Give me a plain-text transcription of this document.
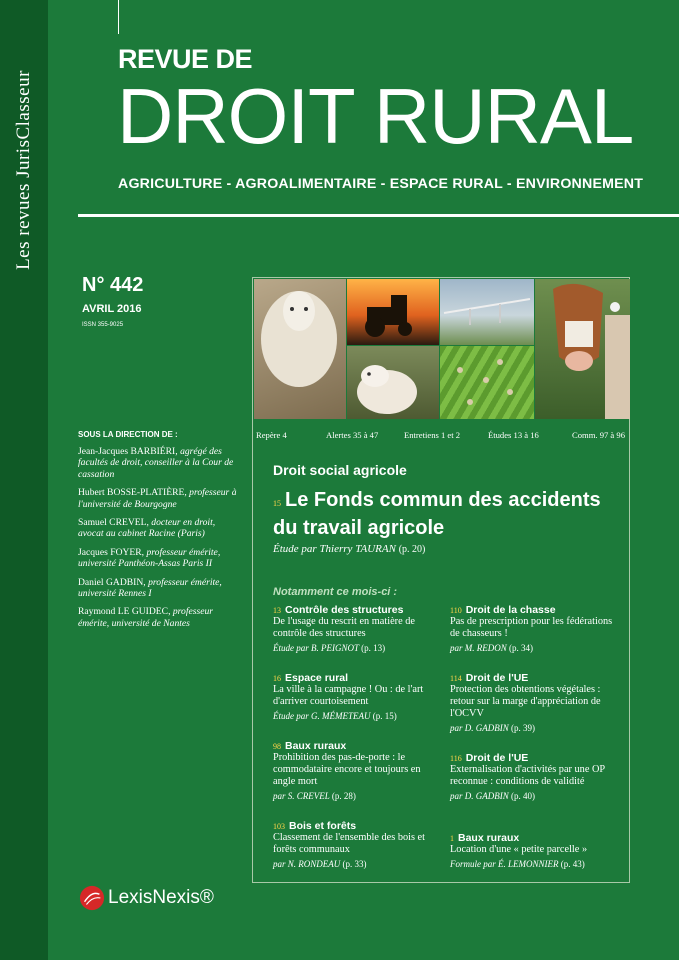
Les revues JurisClasseur
REVUE DE
DROIT RURAL
AGRICULTURE - AGROALIMENTAIRE - ESPACE RURAL - ENVIRONNEMENT
N° 442
AVRIL 2016
ISSN 355-9025
SOUS LA DIRECTION DE :
Jean-Jacques BARBIÉRI, agrégé des facultés de droit, conseiller à la Cour de cassation
Hubert BOSSE-PLATIÈRE, professeur à l'université de Bourgogne
Samuel CREVEL, docteur en droit, avocat au cabinet Racine (Paris)
Jacques FOYER, professeur émérite, université Panthéon-Assas Paris II
Daniel GADBIN, professeur émérite, université Rennes I
Raymond LE GUIDEC, professeur émérite, université de Nantes
Repère 4	Alertes 35 à 47	Entretiens 1 et 2	Études 13 à 16	Comm. 97 à 96
Droit social agricole
15 Le Fonds commun des accidents du travail agricole
Étude par Thierry TAURAN (p. 20)
Notamment ce mois-ci :
13 Contrôle des structures
De l'usage du rescrit en matière de contrôle des structures
Étude par B. PEIGNOT (p. 13)
16 Espace rural
La ville à la campagne ! Ou : de l'art d'arriver courtoisement
Étude par G. MÉMETEAU (p. 15)
98 Baux ruraux
Prohibition des pas-de-porte : le commodataire encore et toujours en angle mort
par S. CREVEL (p. 28)
103 Bois et forêts
Classement de l'ensemble des bois et forêts communaux
par N. RONDEAU (p. 33)
110 Droit de la chasse
Pas de prescription pour les fédérations de chasseurs !
par M. REDON (p. 34)
114 Droit de l'UE
Protection des obtentions végétales : retour sur la marge d'appréciation de l'OCVV
par D. GADBIN (p. 39)
116 Droit de l'UE
Externalisation d'activités par une OP reconnue : conditions de validité
par D. GADBIN (p. 40)
1 Baux ruraux
Location d'une « petite parcelle »
Formule par É. LEMONNIER (p. 43)
LexisNexis®
